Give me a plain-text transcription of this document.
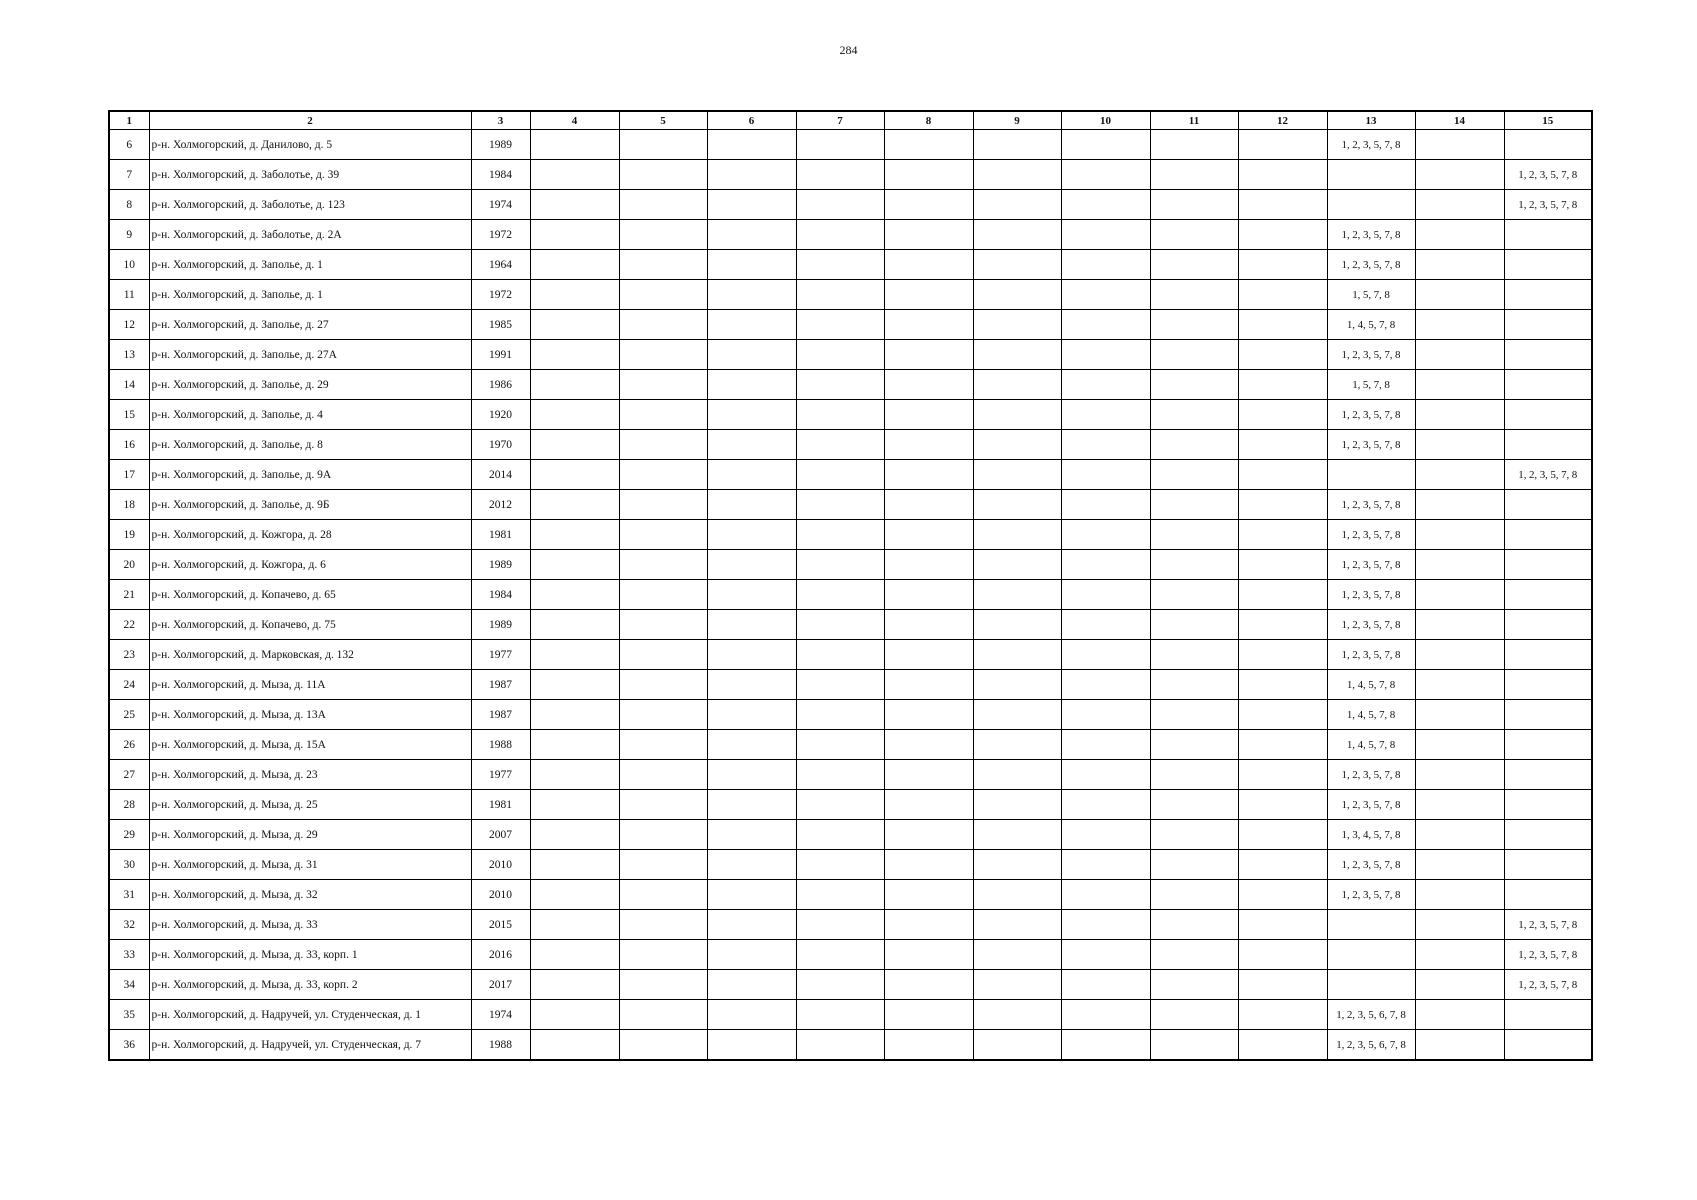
284
1	2	3	4	5	6	7	8	9	10	11	12	13	14	15
6	р-н. Холмогорский, д. Данилово, д. 5	1989										1, 2, 3, 5, 7, 8		
7	р-н. Холмогорский, д. Заболотье, д. 39	1984												1, 2, 3, 5, 7, 8
8	р-н. Холмогорский, д. Заболотье, д. 123	1974												1, 2, 3, 5, 7, 8
9	р-н. Холмогорский, д. Заболотье, д. 2А	1972										1, 2, 3, 5, 7, 8		
10	р-н. Холмогорский, д. Заполье, д. 1	1964										1, 2, 3, 5, 7, 8		
11	р-н. Холмогорский, д. Заполье, д. 1	1972										1, 5, 7, 8		
12	р-н. Холмогорский, д. Заполье, д. 27	1985										1, 4, 5, 7, 8		
13	р-н. Холмогорский, д. Заполье, д. 27А	1991										1, 2, 3, 5, 7, 8		
14	р-н. Холмогорский, д. Заполье, д. 29	1986										1, 5, 7, 8		
15	р-н. Холмогорский, д. Заполье, д. 4	1920										1, 2, 3, 5, 7, 8		
16	р-н. Холмогорский, д. Заполье, д. 8	1970										1, 2, 3, 5, 7, 8		
17	р-н. Холмогорский, д. Заполье, д. 9А	2014												1, 2, 3, 5, 7, 8
18	р-н. Холмогорский, д. Заполье, д. 9Б	2012										1, 2, 3, 5, 7, 8		
19	р-н. Холмогорский, д. Кожгора, д. 28	1981										1, 2, 3, 5, 7, 8		
20	р-н. Холмогорский, д. Кожгора, д. 6	1989										1, 2, 3, 5, 7, 8		
21	р-н. Холмогорский, д. Копачево, д. 65	1984										1, 2, 3, 5, 7, 8		
22	р-н. Холмогорский, д. Копачево, д. 75	1989										1, 2, 3, 5, 7, 8		
23	р-н. Холмогорский, д. Марковская, д. 132	1977										1, 2, 3, 5, 7, 8		
24	р-н. Холмогорский, д. Мыза, д. 11А	1987										1, 4, 5, 7, 8		
25	р-н. Холмогорский, д. Мыза, д. 13А	1987										1, 4, 5, 7, 8		
26	р-н. Холмогорский, д. Мыза, д. 15А	1988										1, 4, 5, 7, 8		
27	р-н. Холмогорский, д. Мыза, д. 23	1977										1, 2, 3, 5, 7, 8		
28	р-н. Холмогорский, д. Мыза, д. 25	1981										1, 2, 3, 5, 7, 8		
29	р-н. Холмогорский, д. Мыза, д. 29	2007										1, 3, 4, 5, 7, 8		
30	р-н. Холмогорский, д. Мыза, д. 31	2010										1, 2, 3, 5, 7, 8		
31	р-н. Холмогорский, д. Мыза, д. 32	2010										1, 2, 3, 5, 7, 8		
32	р-н. Холмогорский, д. Мыза, д. 33	2015												1, 2, 3, 5, 7, 8
33	р-н. Холмогорский, д. Мыза, д. 33, корп. 1	2016												1, 2, 3, 5, 7, 8
34	р-н. Холмогорский, д. Мыза, д. 33, корп. 2	2017												1, 2, 3, 5, 7, 8
35	р-н. Холмогорский, д. Надручей, ул. Студенческая, д. 1	1974										1, 2, 3, 5, 6, 7, 8		
36	р-н. Холмогорский, д. Надручей, ул. Студенческая, д. 7	1988										1, 2, 3, 5, 6, 7, 8		
